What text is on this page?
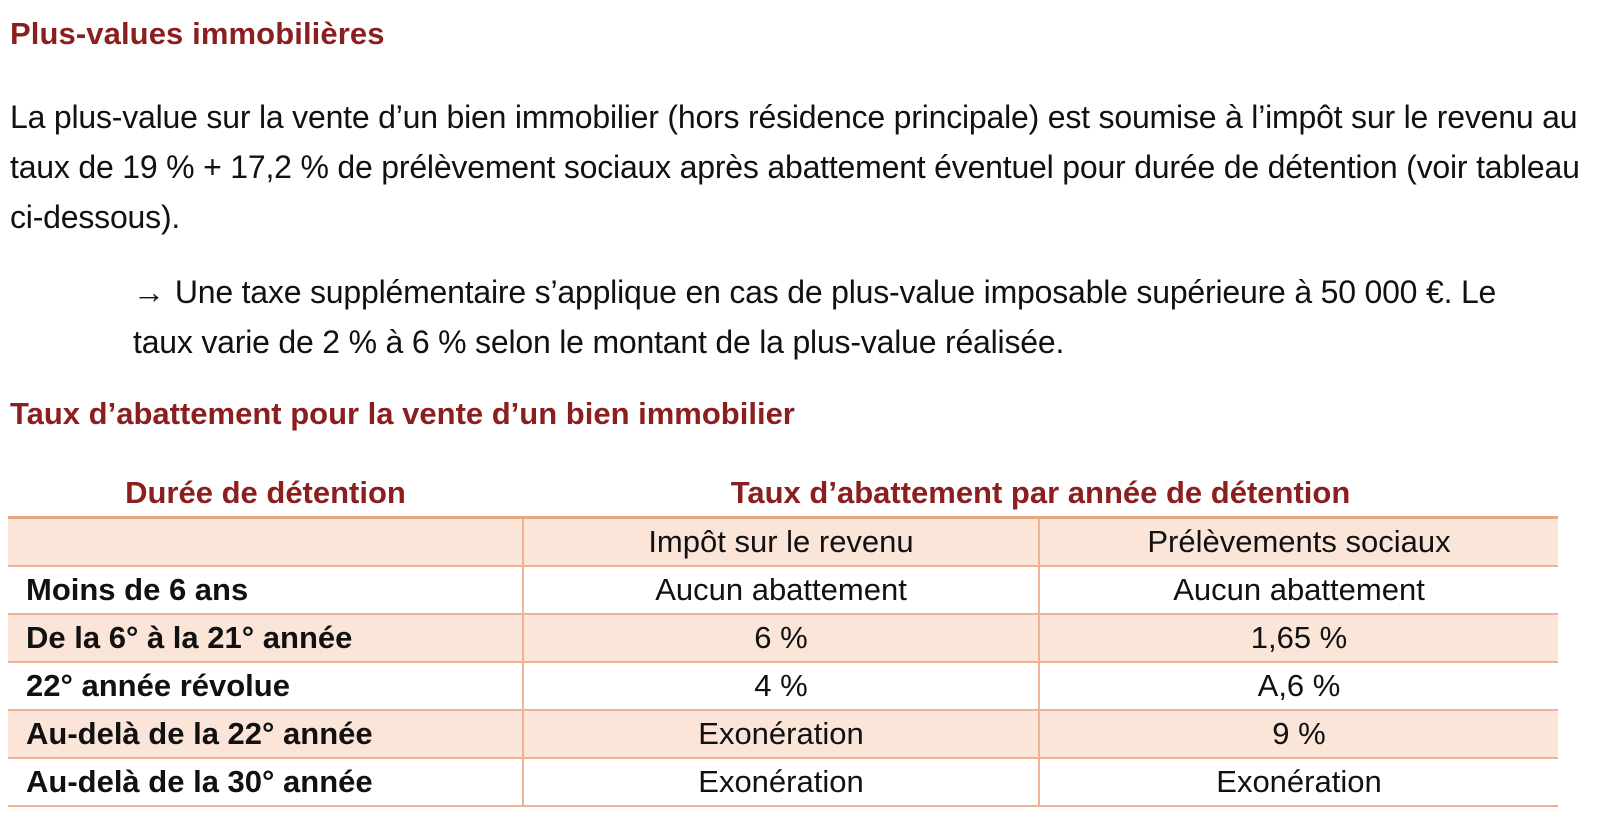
Plus-values immobilières
La plus-value sur la vente d’un bien immobilier (hors résidence principale) est soumise à l’impôt sur le revenu au taux de 19 % + 17,2 % de prélèvement sociaux après abattement éventuel pour durée de détention (voir tableau ci-dessous).
→ Une taxe supplémentaire s’applique en cas de plus-value imposable supérieure à 50 000 €. Le taux varie de 2 % à 6 % selon le montant de la plus-value réalisée.
Taux d’abattement pour la vente d’un bien immobilier
Durée de détention	Taux d’abattement par année de détention	
	Impôt sur le revenu	Prélèvements sociaux
Moins de 6 ans	Aucun abattement	Aucun abattement
De la 6° à la 21° année	6 %	1,65 %
22° année révolue	4 %	A,6 %
Au-delà de la 22° année	Exonération	9 %
Au-delà de la 30° année	Exonération	Exonération
